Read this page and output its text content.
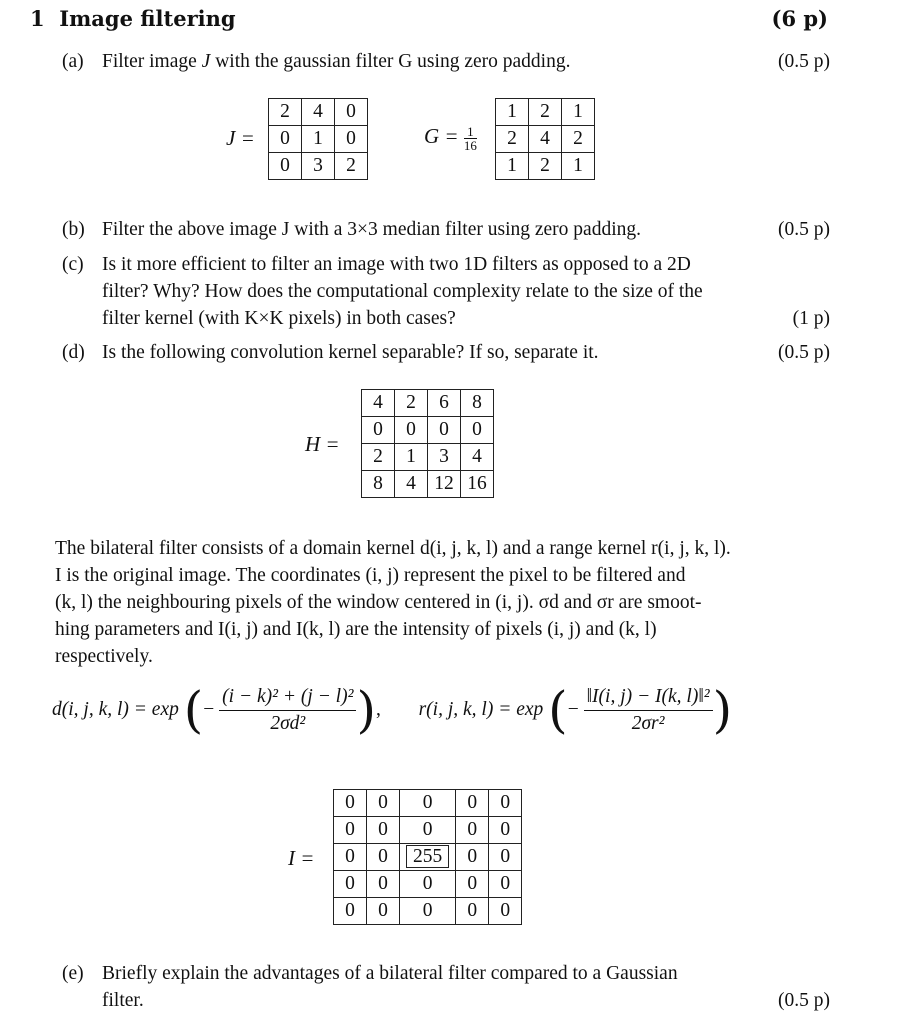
1 Image filtering	(6 p)
(a) Filter image J with the gaussian filter G using zero padding.	(0.5 p)
J =
2	4	0
0	1	0
0	3	2
$G = \frac{1}{16}$
1	2	1
2	4	2
1	2	1
(b) Filter the above image J with a 3×3 median filter using zero padding.	(0.5 p)
(c) Is it more efficient to filter an image with two 1D filters as opposed to a 2D
filter? Why? How does the computational complexity relate to the size of the
filter kernel (with K×K pixels) in both cases?	(1 p)
(d) Is the following convolution kernel separable? If so, separate it.	(0.5 p)
H =
4	2	6	8
0	0	0	0
2	1	3	4
8	4	12	16
The bilateral filter consists of a domain kernel d(i, j, k, l) and a range kernel r(i, j, k, l).
I is the original image. The coordinates (i, j) represent the pixel to be filtered and
(k, l) the neighbouring pixels of the window centered in (i, j). σd and σr are smoot-
hing parameters and I(i, j) and I(k, l) are the intensity of pixels (i, j) and (k, l)
respectively.
d(i, j, k, l) = exp (− $\frac{\text{(i − k)² + (j − l)²}}{\text{2σd²}}$ ), r(i, j, k, l) = exp (− $\frac{\text{‖I(i, j) − I(k, l)‖²}}{\text{2σr²}}$ )
I =
0	0	0	0	0
0	0	0	0	0
0	0	255	0	0
0	0	0	0	0
0	0	0	0	0
(e) Briefly explain the advantages of a bilateral filter compared to a Gaussian
filter.	(0.5 p)
